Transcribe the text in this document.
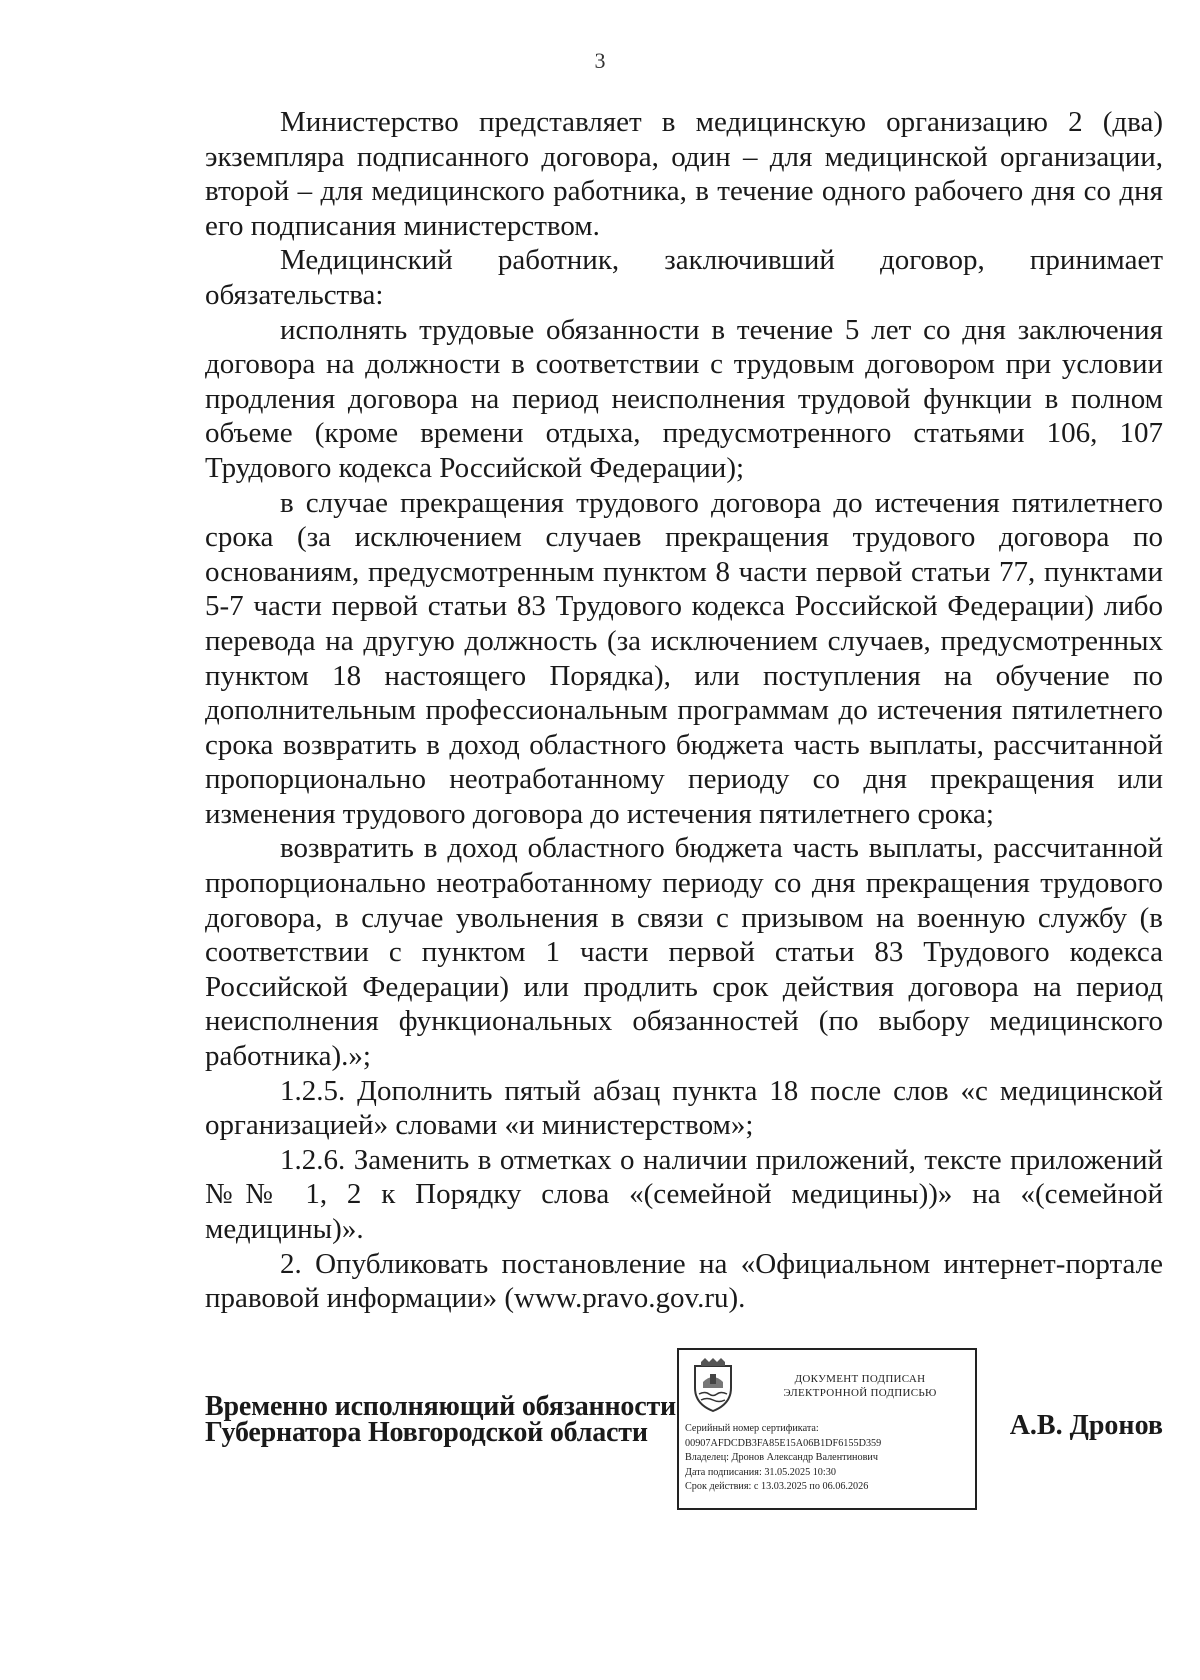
3

Министерство представляет в медицинскую организацию 2 (два) экземпляра подписанного договора, один – для медицинской организации, второй – для медицинского работника, в течение одного рабочего дня со дня его подписания министерством.

Медицинский работник, заключивший договор, принимает обязательства:

исполнять трудовые обязанности в течение 5 лет со дня заключения договора на должности в соответствии с трудовым договором при условии продления договора на период неисполнения трудовой функции в полном объеме (кроме времени отдыха, предусмотренного статьями 106, 107 Трудового кодекса Российской Федерации);

в случае прекращения трудового договора до истечения пятилетнего срока (за исключением случаев прекращения трудового договора по основаниям, предусмотренным пунктом 8 части первой статьи 77, пунктами 5-7 части первой статьи 83 Трудового кодекса Российской Федерации) либо перевода на другую должность (за исключением случаев, предусмотренных пунктом 18 настоящего Порядка), или поступления на обучение по дополнительным профессиональным программам до истечения пятилетнего срока возвратить в доход областного бюджета часть выплаты, рассчитанной пропорционально неотработанному периоду со дня прекращения или изменения трудового договора до истечения пятилетнего срока;

возвратить в доход областного бюджета часть выплаты, рассчитанной пропорционально неотработанному периоду со дня прекращения трудового договора, в случае увольнения в связи с призывом на военную службу (в соответствии с пунктом 1 части первой статьи 83 Трудового кодекса Российской Федерации) или продлить срок действия договора на период неисполнения функциональных обязанностей (по выбору медицинского работника).»;

1.2.5. Дополнить пятый абзац пункта 18 после слов «с медицинской организацией» словами «и министерством»;

1.2.6. Заменить в отметках о наличии приложений, тексте приложений №№ 1, 2 к Порядку слова «(семейной медицины))» на «(семейной медицины)».

2. Опубликовать постановление на «Официальном интернет-портале правовой информации» (www.pravo.gov.ru).

Временно исполняющий обязанности
Губернатора Новгородской области
ДОКУМЕНТ ПОДПИСАН
ЭЛЕКТРОННОЙ ПОДПИСЬЮ
Серийный номер сертификата:
00907AFDCDB3FA85E15A06B1DF6155D359
Владелец: Дронов Александр Валентинович
Дата подписания: 31.05.2025 10:30
Срок действия: с 13.03.2025 по 06.06.2026
А.В. Дронов
